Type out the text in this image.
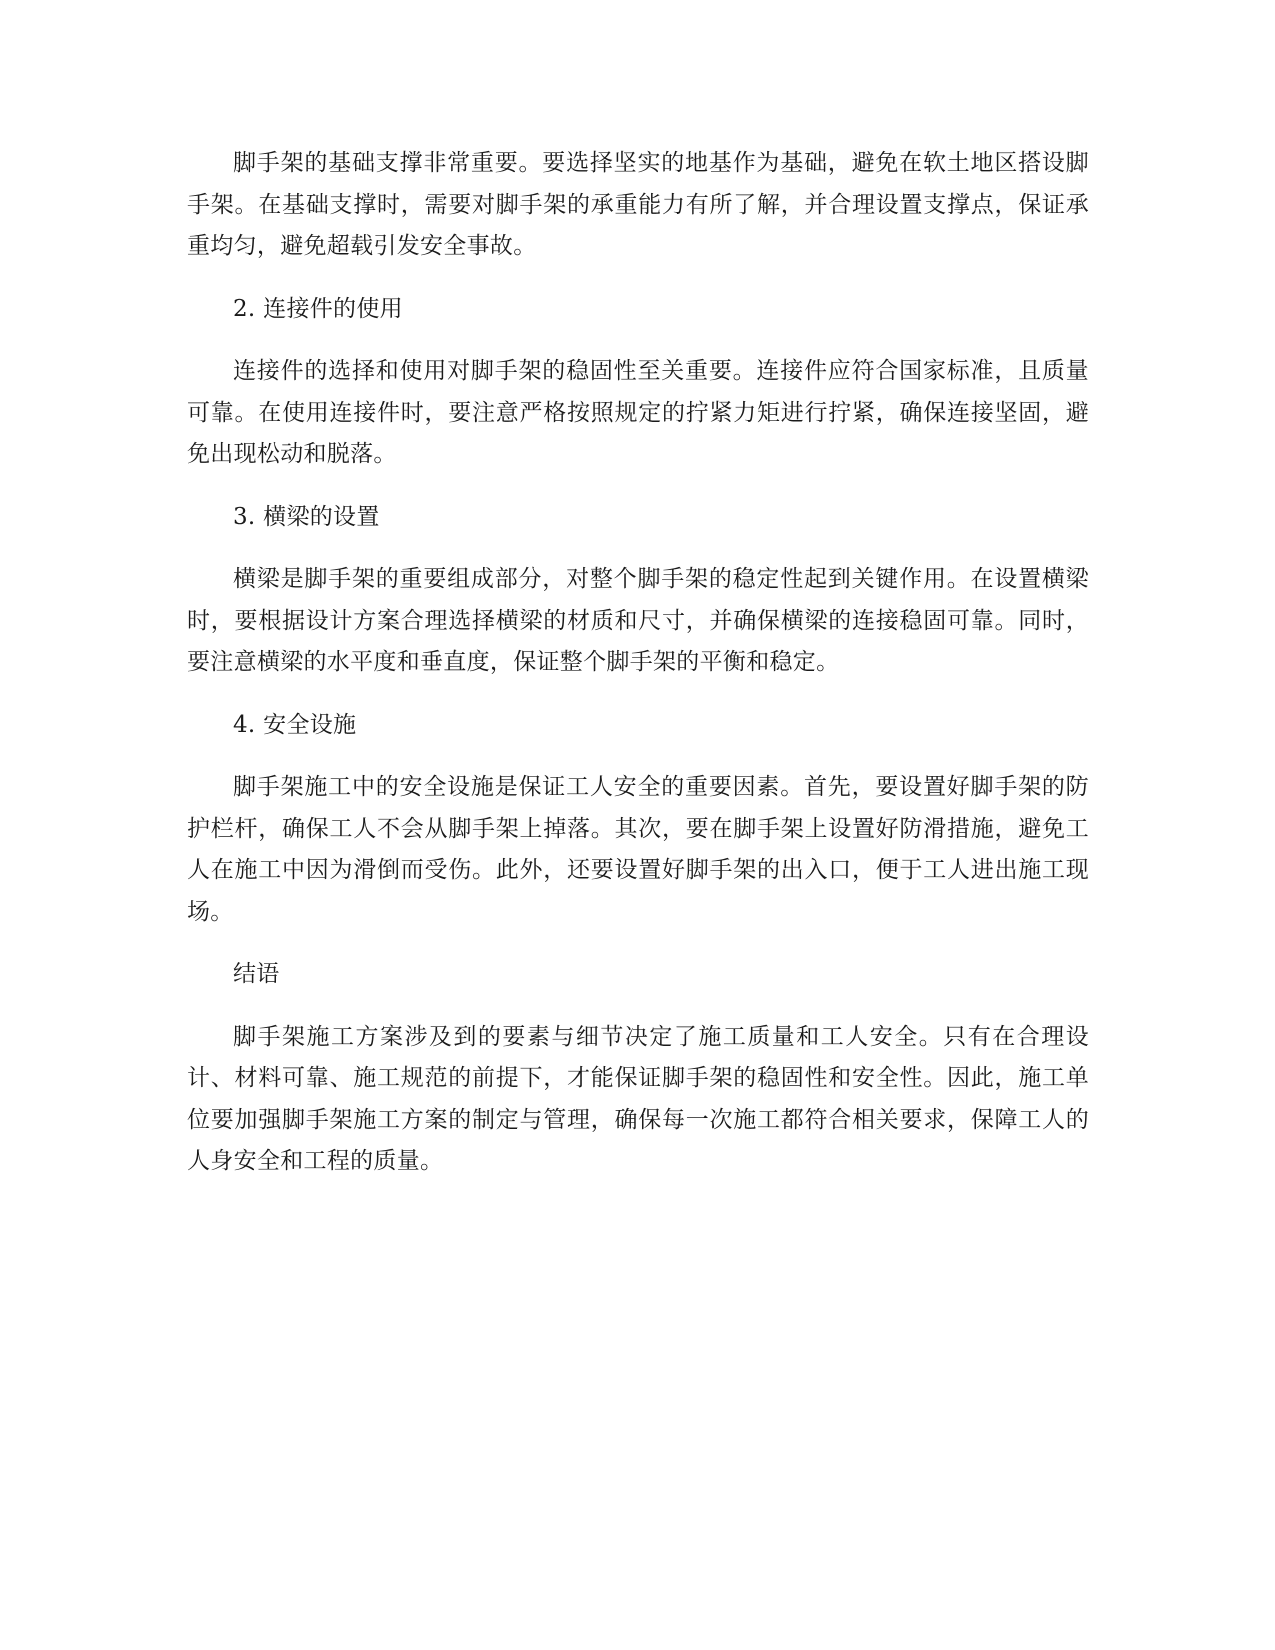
脚手架的基础支撑非常重要。要选择坚实的地基作为基础，避免在软土地区搭设脚手架。在基础支撑时，需要对脚手架的承重能力有所了解，并合理设置支撑点，保证承重均匀，避免超载引发安全事故。

2. 连接件的使用

连接件的选择和使用对脚手架的稳固性至关重要。连接件应符合国家标准，且质量可靠。在使用连接件时，要注意严格按照规定的拧紧力矩进行拧紧，确保连接坚固，避免出现松动和脱落。

3. 横梁的设置

横梁是脚手架的重要组成部分，对整个脚手架的稳定性起到关键作用。在设置横梁时，要根据设计方案合理选择横梁的材质和尺寸，并确保横梁的连接稳固可靠。同时，要注意横梁的水平度和垂直度，保证整个脚手架的平衡和稳定。

4. 安全设施

脚手架施工中的安全设施是保证工人安全的重要因素。首先，要设置好脚手架的防护栏杆，确保工人不会从脚手架上掉落。其次，要在脚手架上设置好防滑措施，避免工人在施工中因为滑倒而受伤。此外，还要设置好脚手架的出入口，便于工人进出施工现场。

结语

脚手架施工方案涉及到的要素与细节决定了施工质量和工人安全。只有在合理设计、材料可靠、施工规范的前提下，才能保证脚手架的稳固性和安全性。因此，施工单位要加强脚手架施工方案的制定与管理，确保每一次施工都符合相关要求，保障工人的人身安全和工程的质量。
